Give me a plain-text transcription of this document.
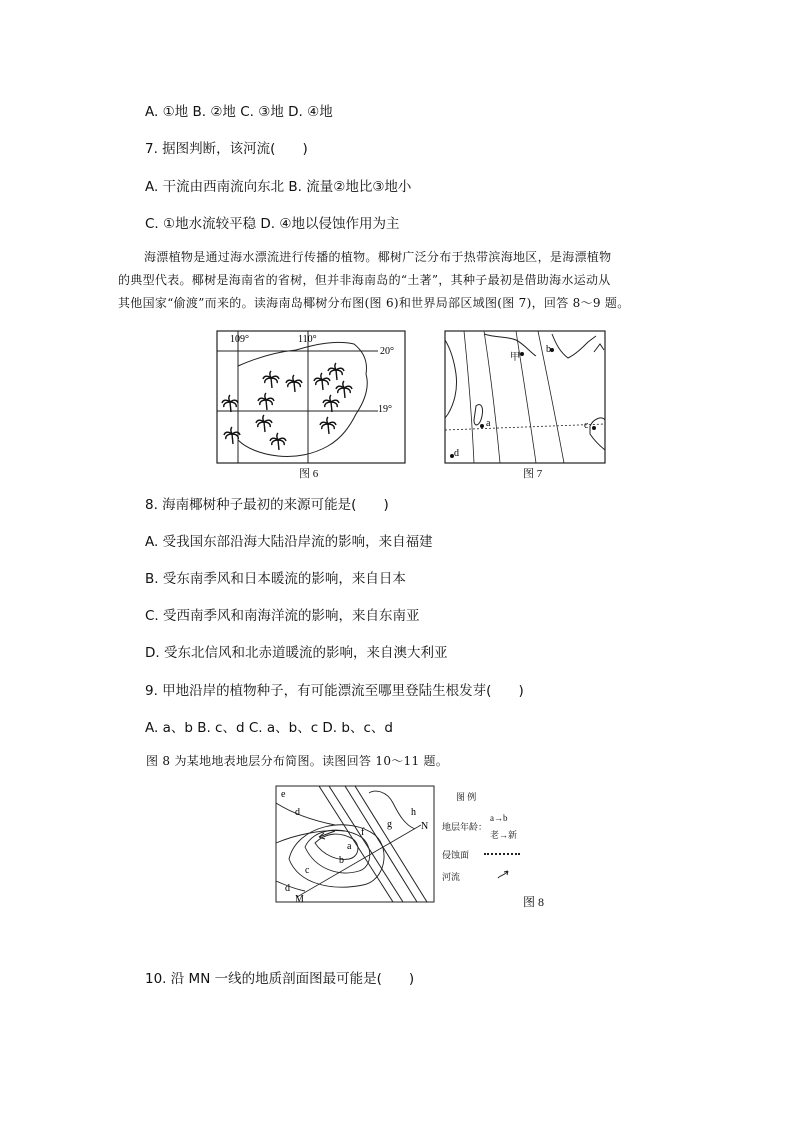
A. ①地 B. ②地 C. ③地 D. ④地
7. 据图判断，该河流(　　)
A. 干流由西南流向东北 B. 流量②地比③地小
C. ①地水流较平稳 D. ④地以侵蚀作用为主

海漂植物是通过海水漂流进行传播的植物。椰树广泛分布于热带滨海地区，是海漂植物

的典型代表。椰树是海南省的省树，但并非海南岛的“土著”，其种子最初是借助海水运动从

其他国家“偷渡”而来的。读海南岛椰树分布图(图 6)和世界局部区域图(图 7)，回答 8～9 题。

109°	110°
20°
19°
图 6
甲
a
b
c
d
图 7
8. 海南椰树种子最初的来源可能是(　　)
A. 受我国东部沿海大陆沿岸流的影响，来自福建
B. 受东南季风和日本暖流的影响，来自日本
C. 受西南季风和南海洋流的影响，来自东南亚
D. 受东北信风和北赤道暖流的影响，来自澳大利亚
9. 甲地沿岸的植物种子，有可能漂流至哪里登陆生根发芽(　　)
A. a、b B. c、d C. a、b、c D. b、c、d
图 8 为某地地表地层分布简图。读图回答 10～11 题。
e
d
a
b
c
d
f
g
h
N
M
图 例
地层年龄：
a→b
老→新
侵蚀面
河流
图 8
10. 沿 MN 一线的地质剖面图最可能是(　　)
